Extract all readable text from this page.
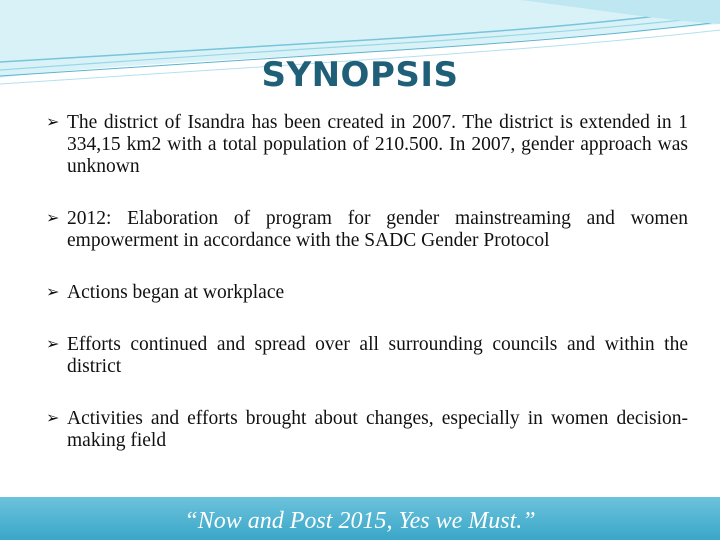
SYNOPSIS
➢ The district of Isandra has been created in 2007. The district is extended in 1 334,15 km2 with a total population of 210.500. In 2007, gender approach was unknown
➢ 2012: Elaboration of program for gender mainstreaming and women empowerment in accordance with the SADC Gender Protocol
➢ Actions began at workplace
➢ Efforts continued and spread over all surrounding councils and within the district
➢ Activities and efforts brought about changes, especially in women decision-making field
“Now and Post 2015, Yes we Must.”
